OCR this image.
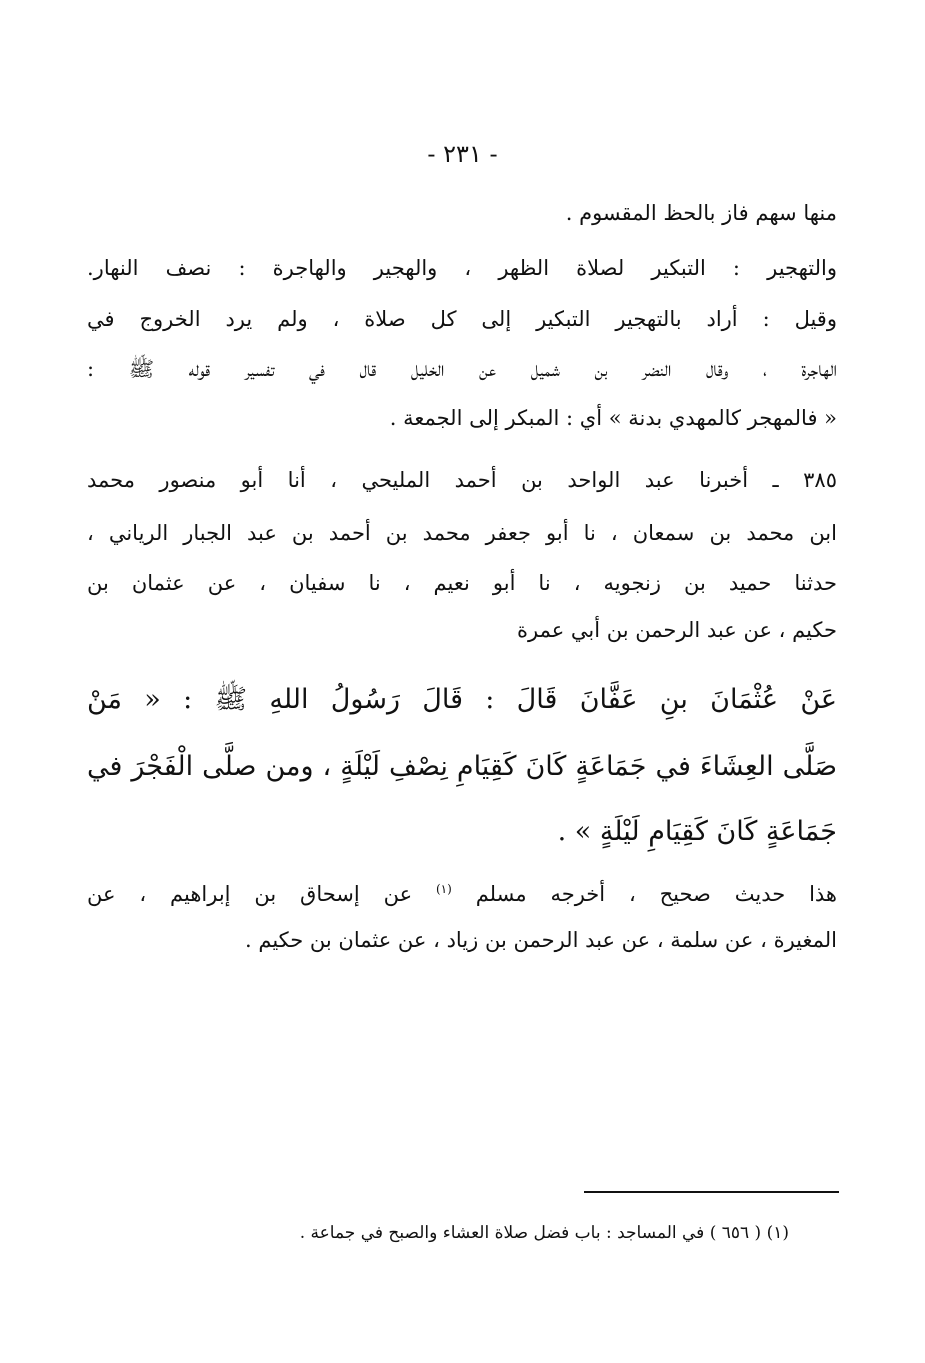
- ٢٣١ -
منها سهم فاز بالحظ المقسوم .
والتهجير : التبكير لصلاة الظهر ، والهجير والهاجرة : نصف النهار.
وقيل : أراد بالتهجير التبكير إلى كل صلاة ، ولم يرد الخروج في
الهاجرة ، وقال النضر بن شميل عن الخليل قال في تفسير قوله ﷺ :
« فالمهجر كالمهدي بدنة » أي : المبكر إلى الجمعة .
٣٨٥ ـ أخبرنا عبد الواحد بن أحمد المليحي ، أنا أبو منصور محمد
ابن محمد بن سمعان ، نا أبو جعفر محمد بن أحمد بن عبد الجبار الرياني ،
حدثنا حميد بن زنجويه ، نا أبو نعيم ، نا سفيان ، عن عثمان بن
حكيم ، عن عبد الرحمن بن أبي عمرة
عَنْ عُثْمَانَ بنِ عَفَّانَ قَالَ : قَالَ رَسُولُ اللهِ ﷺ : « مَنْ
صَلَّى العِشَاءَ في جَمَاعَةٍ كَانَ كَقِيَامِ نِصْفِ لَيْلَةٍ ، ومن صلَّى الْفَجْرَ في
جَمَاعَةٍ كَانَ كَقِيَامِ لَيْلَةٍ » .
هذا حديث صحيح ، أخرجه مسلم $^{(١)}$ عن إسحاق بن إبراهيم ، عن
المغيرة ، عن سلمة ، عن عبد الرحمن بن زياد ، عن عثمان بن حكيم .
(١) ( ٦٥٦ ) في المساجد : باب فضل صلاة العشاء والصبح في جماعة .
